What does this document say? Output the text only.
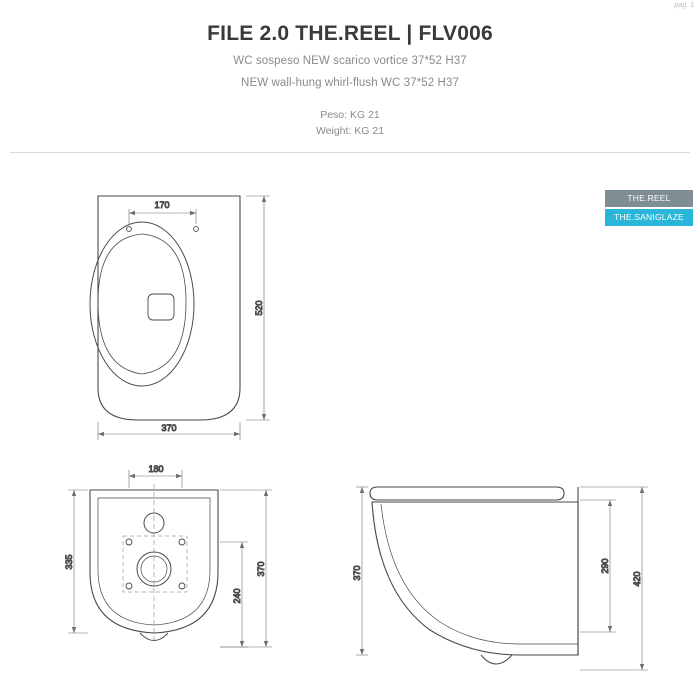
pag. 1
FILE 2.0 THE.REEL | FLV006
WC sospeso NEW scarico vortice 37*52 H37
NEW wall-hung whirl-flush WC 37*52 H37
Peso: KG 21
Weight: KG 21
THE.REEL
THE.SANIGLAZE
170
520
370
180
335	370
240
370	290
420
